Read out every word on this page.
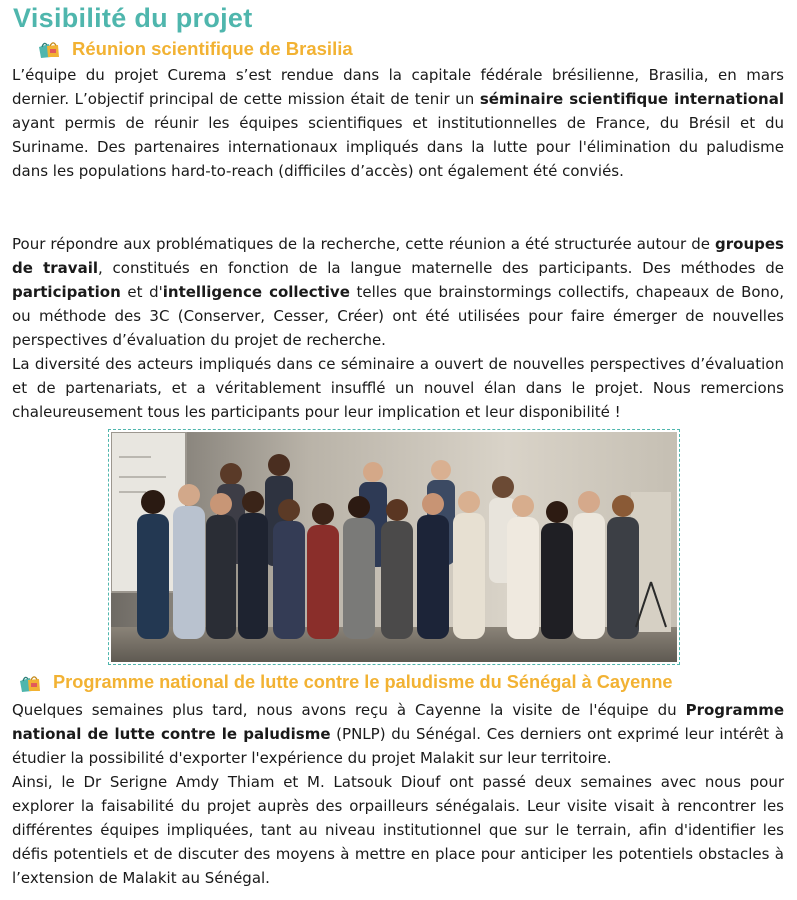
Visibilité du projet
Réunion scientifique de Brasilia

L’équipe du projet Curema s’est rendue dans la capitale fédérale brésilienne, Brasilia, en mars dernier. L’objectif principal de cette mission était de tenir un séminaire scientifique international ayant permis de réunir les équipes scientifiques et institutionnelles de France, du Brésil et du Suriname. Des partenaires internationaux impliqués dans la lutte pour l'élimination du paludisme dans les populations hard-to-reach (difficiles d’accès) ont également été conviés.

Pour répondre aux problématiques de la recherche, cette réunion a été structurée autour de groupes de travail, constitués en fonction de la langue maternelle des participants. Des méthodes de participation et d'intelligence collective telles que brainstormings collectifs, chapeaux de Bono, ou méthode des 3C (Conserver, Cesser, Créer) ont été utilisées pour faire émerger de nouvelles perspectives d’évaluation du projet de recherche.

La diversité des acteurs impliqués dans ce séminaire a ouvert de nouvelles perspectives d’évaluation et de partenariats, et a véritablement insufflé un nouvel élan dans le projet. Nous remercions chaleureusement tous les participants pour leur implication et leur disponibilité !

Programme national de lutte contre le paludisme du Sénégal à Cayenne

Quelques semaines plus tard, nous avons reçu à Cayenne la visite de l'équipe du Programme national de lutte contre le paludisme (PNLP) du Sénégal. Ces derniers ont exprimé leur intérêt à étudier la possibilité d'exporter l'expérience du projet Malakit sur leur territoire.

Ainsi, le Dr Serigne Amdy Thiam et M. Latsouk Diouf ont passé deux semaines avec nous pour explorer la faisabilité du projet auprès des orpailleurs sénégalais. Leur visite visait à rencontrer les différentes équipes impliquées, tant au niveau institutionnel que sur le terrain, afin d'identifier les défis potentiels et de discuter des moyens à mettre en place pour anticiper les potentiels obstacles à l’extension de Malakit au Sénégal.
